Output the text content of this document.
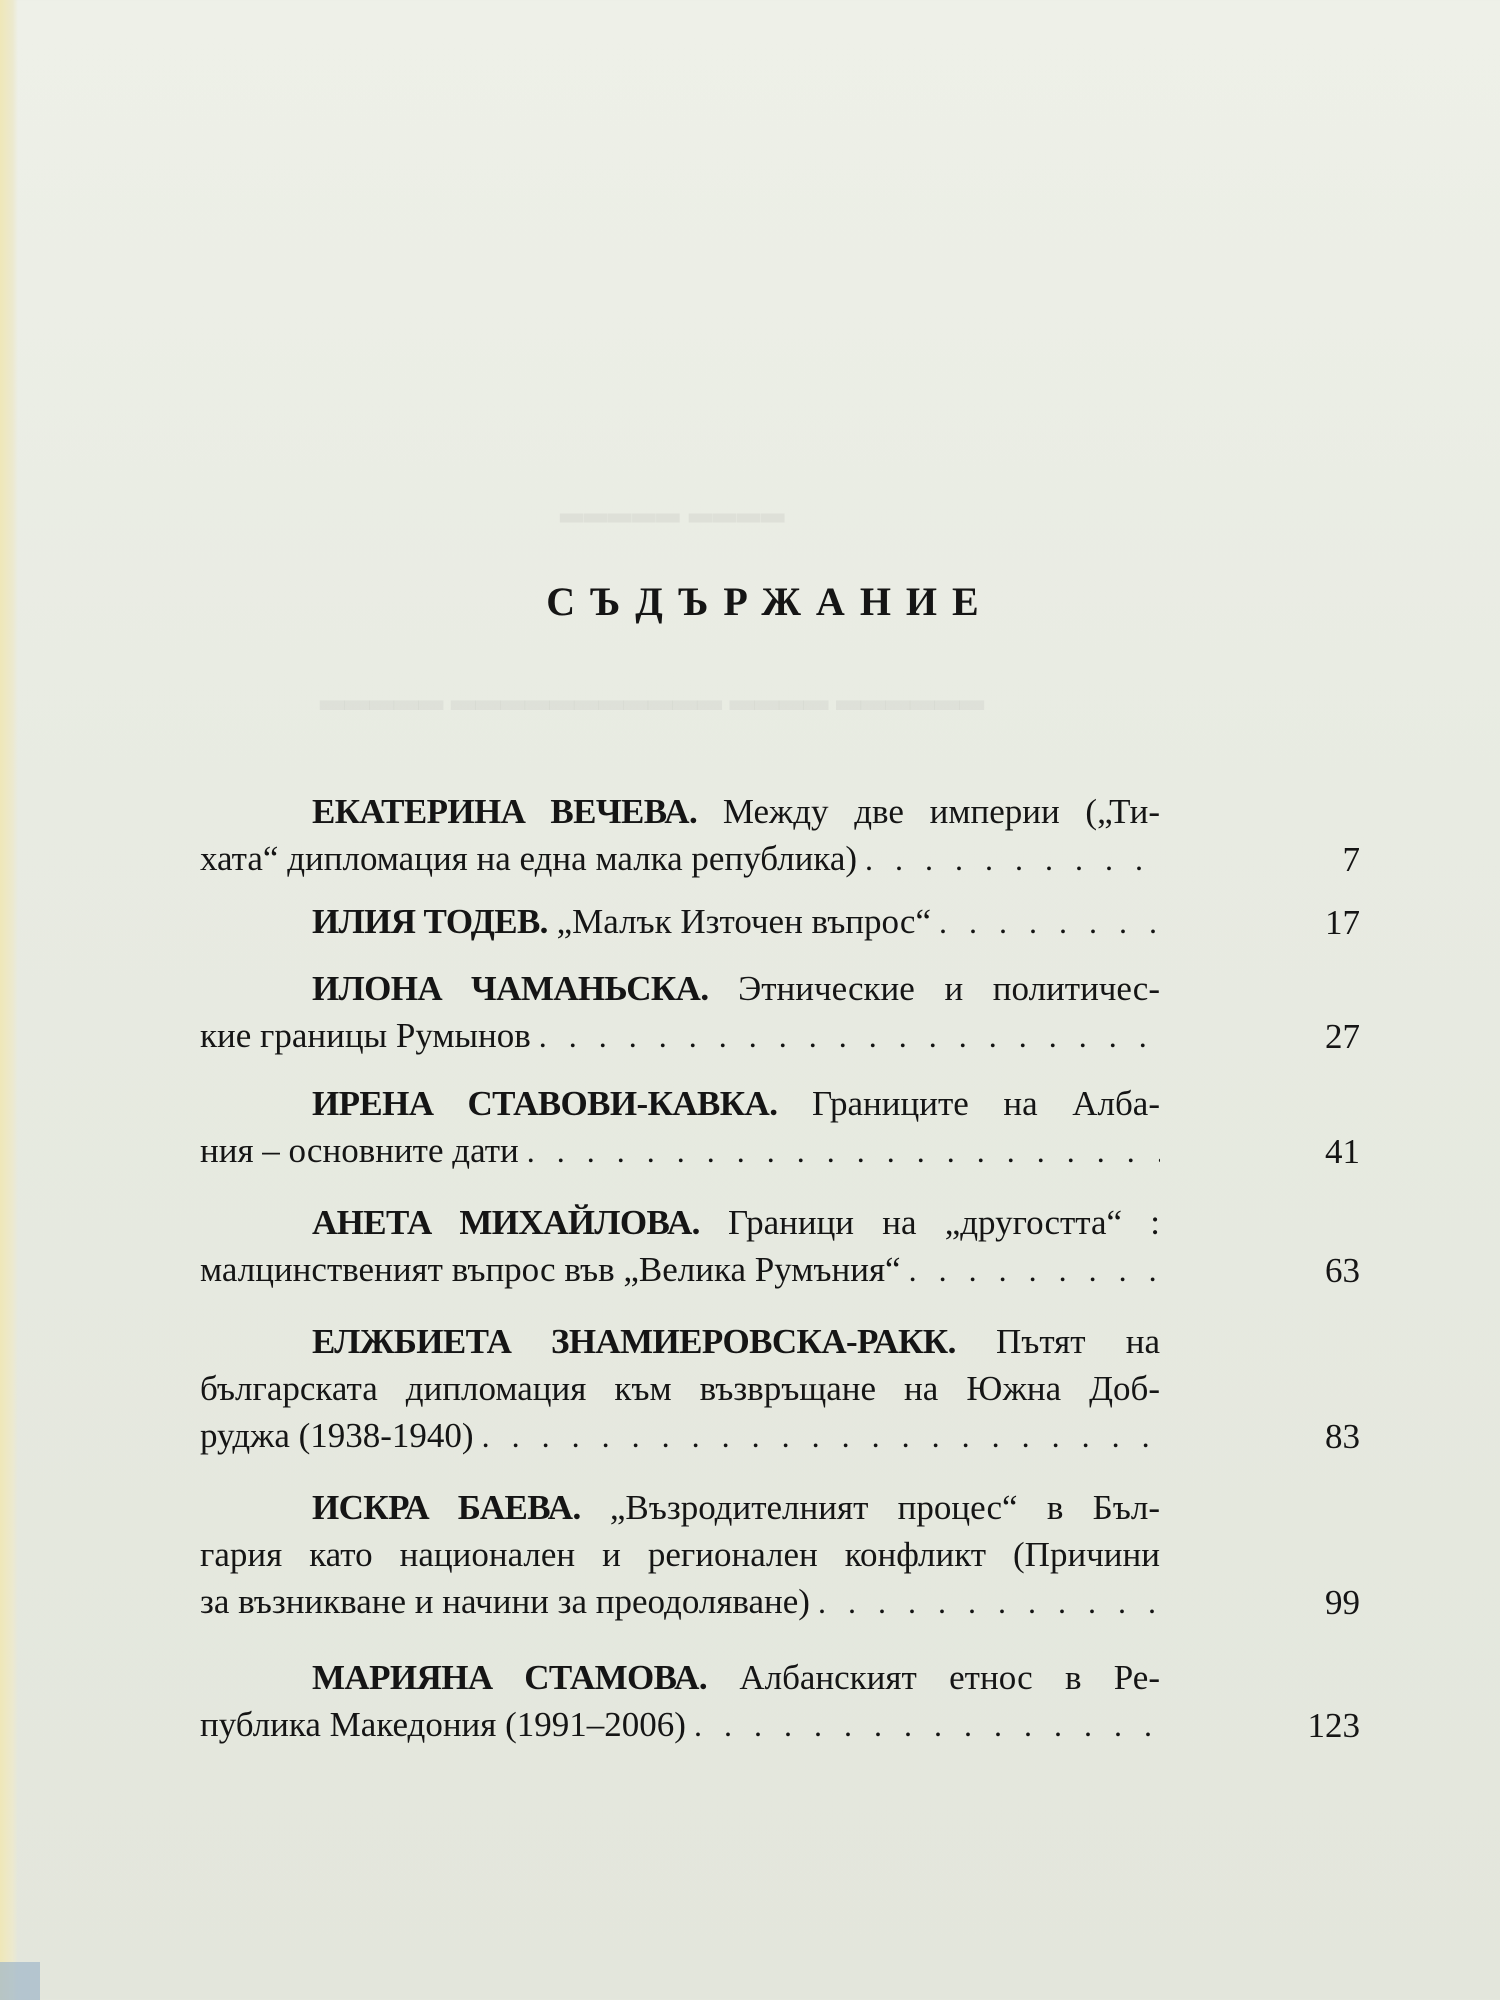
▂▂▂▂▂ ▂▂▂▂
СЪДЪРЖАНИЕ
ЕКАТЕРИНА ВЕЧЕВА. Между две империи („Ти-
хата“ дипломация на една малка република) . . .	7
ИЛИЯ ТОДЕВ. „Малък Източен въпрос“ . . .	17
ИЛОНА ЧАМАНЬСКА. Этнические и политичес-
кие границы Румынов . . .	27
ИРЕНА СТАВОВИ-КАВКА. Границите на Алба-
ния – основните дати . . .	41
АНЕТА МИХАЙЛОВА. Граници на „другостта“ :
малцинственият въпрос във „Велика Румъния“ . . .	63
ЕЛЖБИЕТА ЗНАМИЕРОВСКА-РАКК. Пътят на
българската дипломация към възвръщане на Южна Доб-
руджа (1938-1940) . . .	83
ИСКРА БАЕВА. „Възродителният процес“ в Бъл-
гария като национален и регионален конфликт (Причини
за възникване и начини за преодоляване) . . .	99
МАРИЯНА СТАМОВА. Албанският етнос в Ре-
публика Македония (1991–2006) . . .	123
